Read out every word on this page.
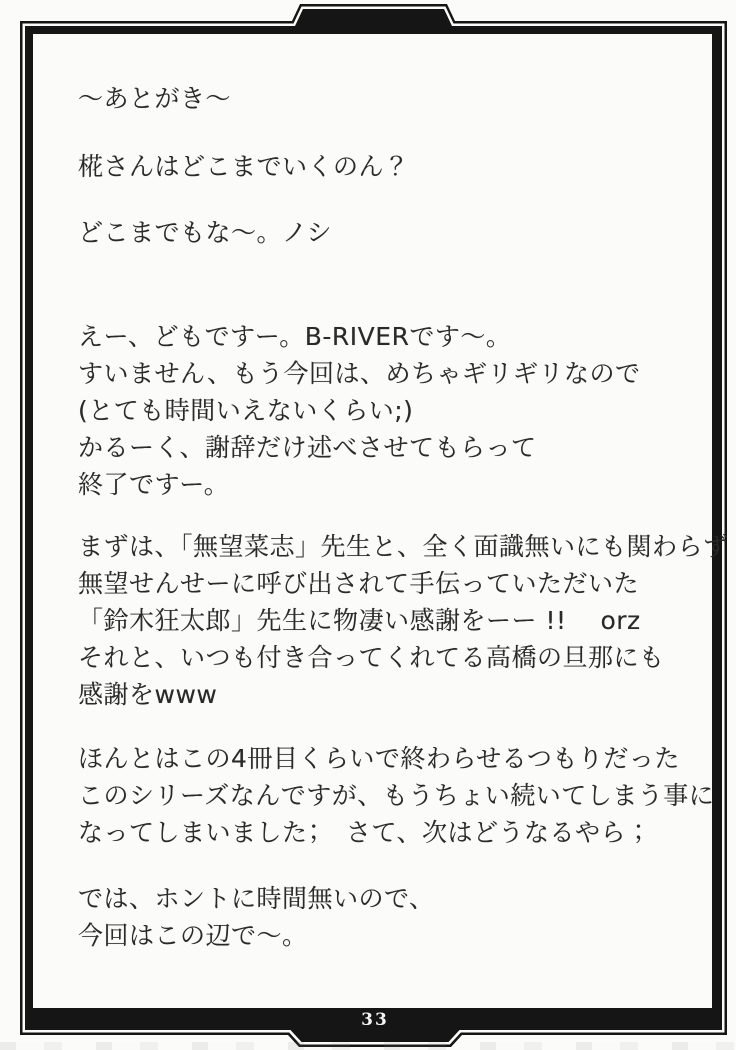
～あとがき～
椛さんはどこまでいくのん？
どこまでもな～。ノシ
えー、どもですー。B-RIVERです～。
すいません、もう今回は、めちゃギリギリなので
(とても時間いえないくらい;)
かるーく、謝辞だけ述べさせてもらって
終了ですー。
まずは、「無望菜志」先生と、全く面識無いにも関わらず
無望せんせーに呼び出されて手伝っていただいた
「鈴木狂太郎」先生に物凄い感謝をーー !!　 orz
それと、いつも付き合ってくれてる高橋の旦那にも
感謝をwww
ほんとはこの4冊目くらいで終わらせるつもりだった
このシリーズなんですが、もうちょい続いてしまう事に
なってしまいました；　さて、次はどうなるやら；
では、ホントに時間無いので、
今回はこの辺で～。
33
